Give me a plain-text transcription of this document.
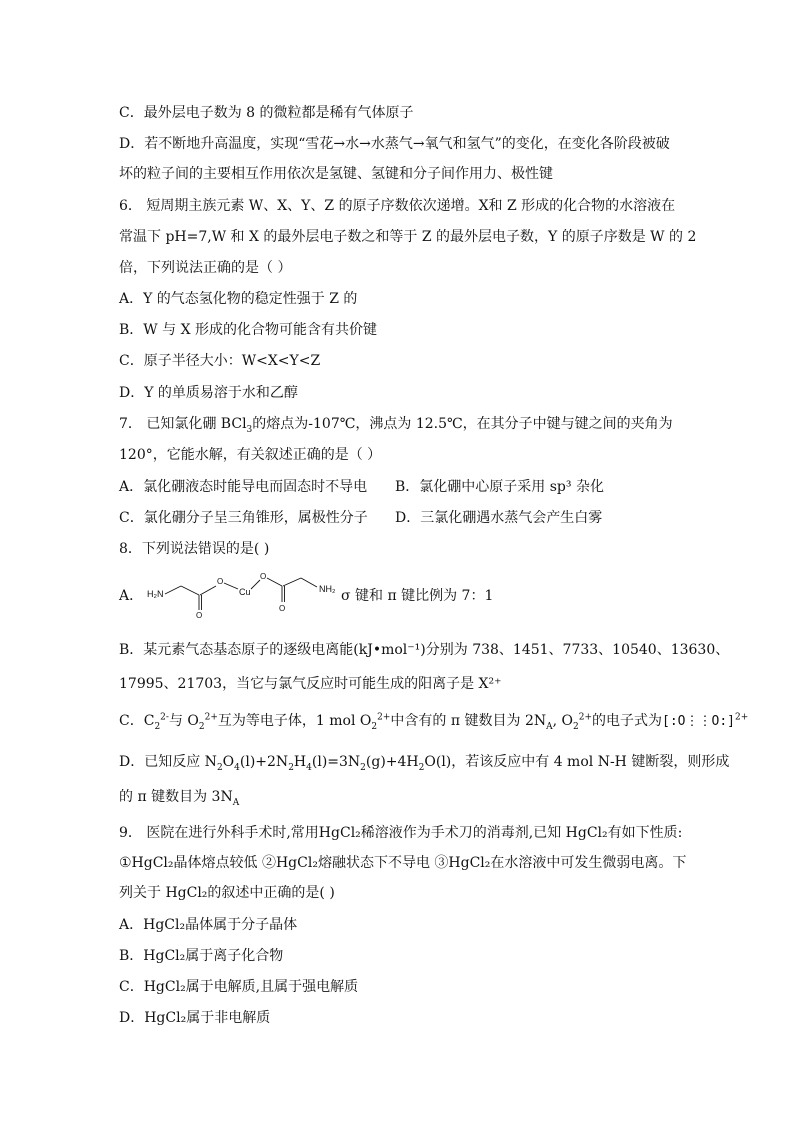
C．最外层电子数为 8 的微粒都是稀有气体原子
D．若不断地升高温度，实现“雪花→水→水蒸气→氧气和氢气”的变化，在变化各阶段被破
坏的粒子间的主要相互作用依次是氢键、氢键和分子间作用力、极性键
6． 短周期主族元素 W、X、Y、Z 的原子序数依次递增。X和 Z 形成的化合物的水溶液在
常温下 pH=7,W 和 X 的最外层电子数之和等于 Z 的最外层电子数，Y 的原子序数是 W 的 2
倍，下列说法正确的是（ ）
A．Y 的气态氢化物的稳定性强于 Z 的
B．W 与 X 形成的化合物可能含有共价键
C．原子半径大小：W<X<Y<Z
D．Y 的单质易溶于水和乙醇
7． 已知氯化硼 BCl$_3$的熔点为-107℃，沸点为 12.5℃，在其分子中键与键之间的夹角为
120°，它能水解，有关叙述正确的是（ ）
A．氯化硼液态时能导电而固态时不导电 B．氯化硼中心原子采用 sp³ 杂化
C．氯化硼分子呈三角锥形，属极性分子 D．三氯化硼遇水蒸气会产生白雾
8．下列说法错误的是( )
A． H₂N
O
O
Cu
O
O
NH₂ σ 键和 π 键比例为 7：1
B．某元素气态基态原子的逐级电离能(kJ•mol⁻¹)分别为 738、1451、7733、10540、13630、
17995、21703，当它与氯气反应时可能生成的阳离子是 X²⁺
C．$C_2^{2-}$与 $O_2^{2+}$互为等电子体，1 mol $O_2^{2+}$中含有的 π 键数目为 $2N_A$, $O_2^{2+}$的电子式为[:O⋮⋮O:]$^{2+}$
D．已知反应 $N_2O_4(l)+2N_2H_4(l)=3N_2(g)+4H_2O(l)$，若该反应中有 4 mol N-H 键断裂，则形成
的 π 键数目为 $3N_A$
9． 医院在进行外科手术时,常用HgCl₂稀溶液作为手术刀的消毒剂,已知 HgCl₂有如下性质:
①HgCl₂晶体熔点较低 ②HgCl₂熔融状态下不导电 ③HgCl₂在水溶液中可发生微弱电离。下
列关于 HgCl₂的叙述中正确的是( )
A．HgCl₂晶体属于分子晶体
B．HgCl₂属于离子化合物
C．HgCl₂属于电解质,且属于强电解质
D．HgCl₂属于非电解质
